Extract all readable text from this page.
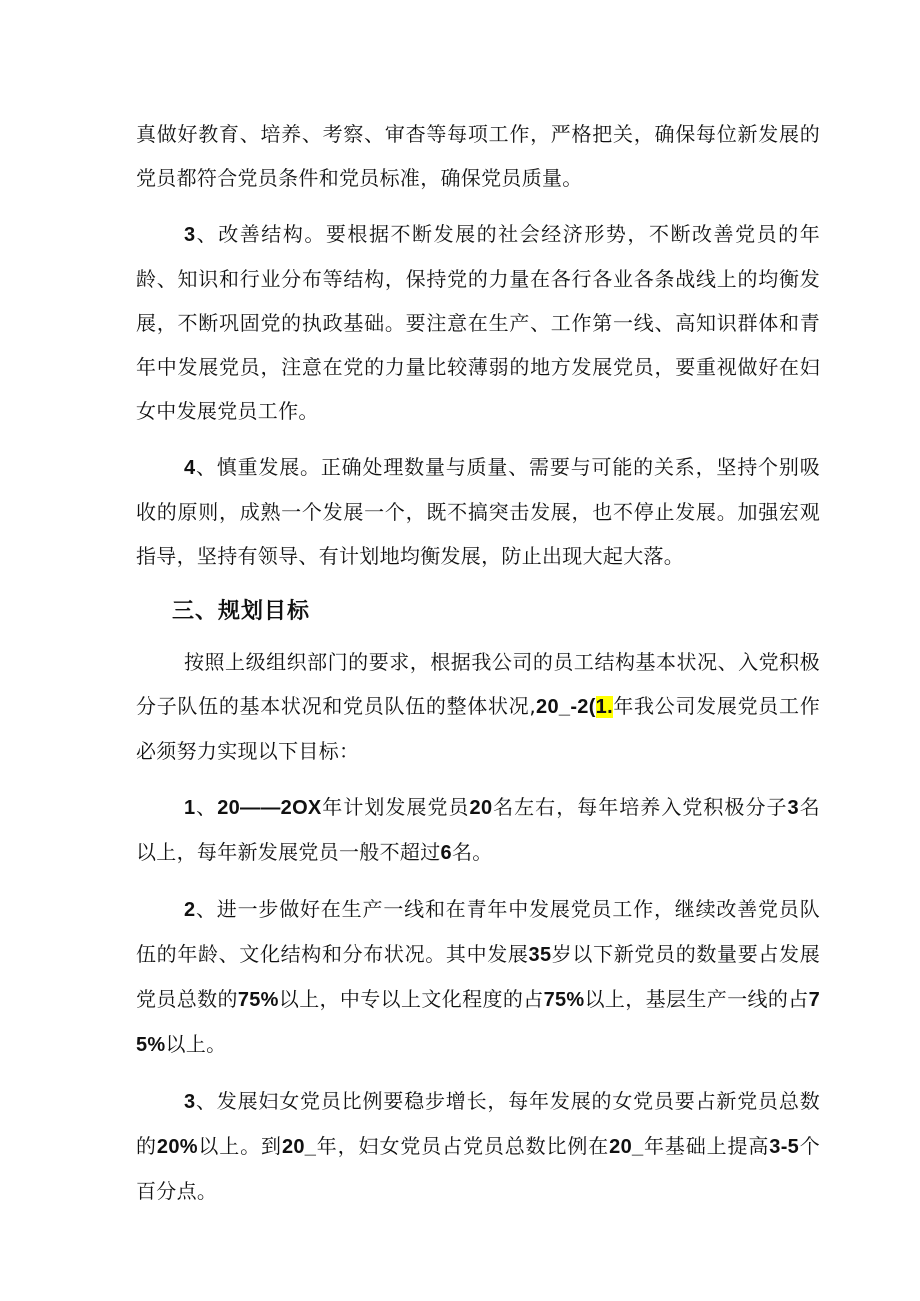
真做好教育、培养、考察、审杳等每项工作，严格把关，确保每位新发展的党员都符合党员条件和党员标准，确保党员质量。

3、改善结构。要根据不断发展的社会经济形势，不断改善党员的年龄、知识和行业分布等结构，保持党的力量在各行各业各条战线上的均衡发展，不断巩固党的执政基础。要注意在生产、工作第一线、高知识群体和青年中发展党员，注意在党的力量比较薄弱的地方发展党员，要重视做好在妇女中发展党员工作。

4、慎重发展。正确处理数量与质量、需要与可能的关系，坚持个别吸收的原则，成熟一个发展一个，既不搞突击发展，也不停止发展。加强宏观指导，坚持有领导、有计划地均衡发展，防止出现大起大落。

三、规划目标

按照上级组织部门的要求，根据我公司的员工结构基本状况、入党积极分子队伍的基本状况和党员队伍的整体状况,20_-2(1.年我公司发展党员工作必须努力实现以下目标：

1、20——2OX年计划发展党员20名左右，每年培养入党积极分子3名以上，每年新发展党员一般不超过6名。

2、进一步做好在生产一线和在青年中发展党员工作，继续改善党员队伍的年龄、文化结构和分布状况。其中发展35岁以下新党员的数量要占发展党员总数的75%以上，中专以上文化程度的占75%以上，基层生产一线的占75%以上。

3、发展妇女党员比例要稳步增长，每年发展的女党员要占新党员总数的20%以上。到20_年，妇女党员占党员总数比例在20_年基础上提高3-5个百分点。
